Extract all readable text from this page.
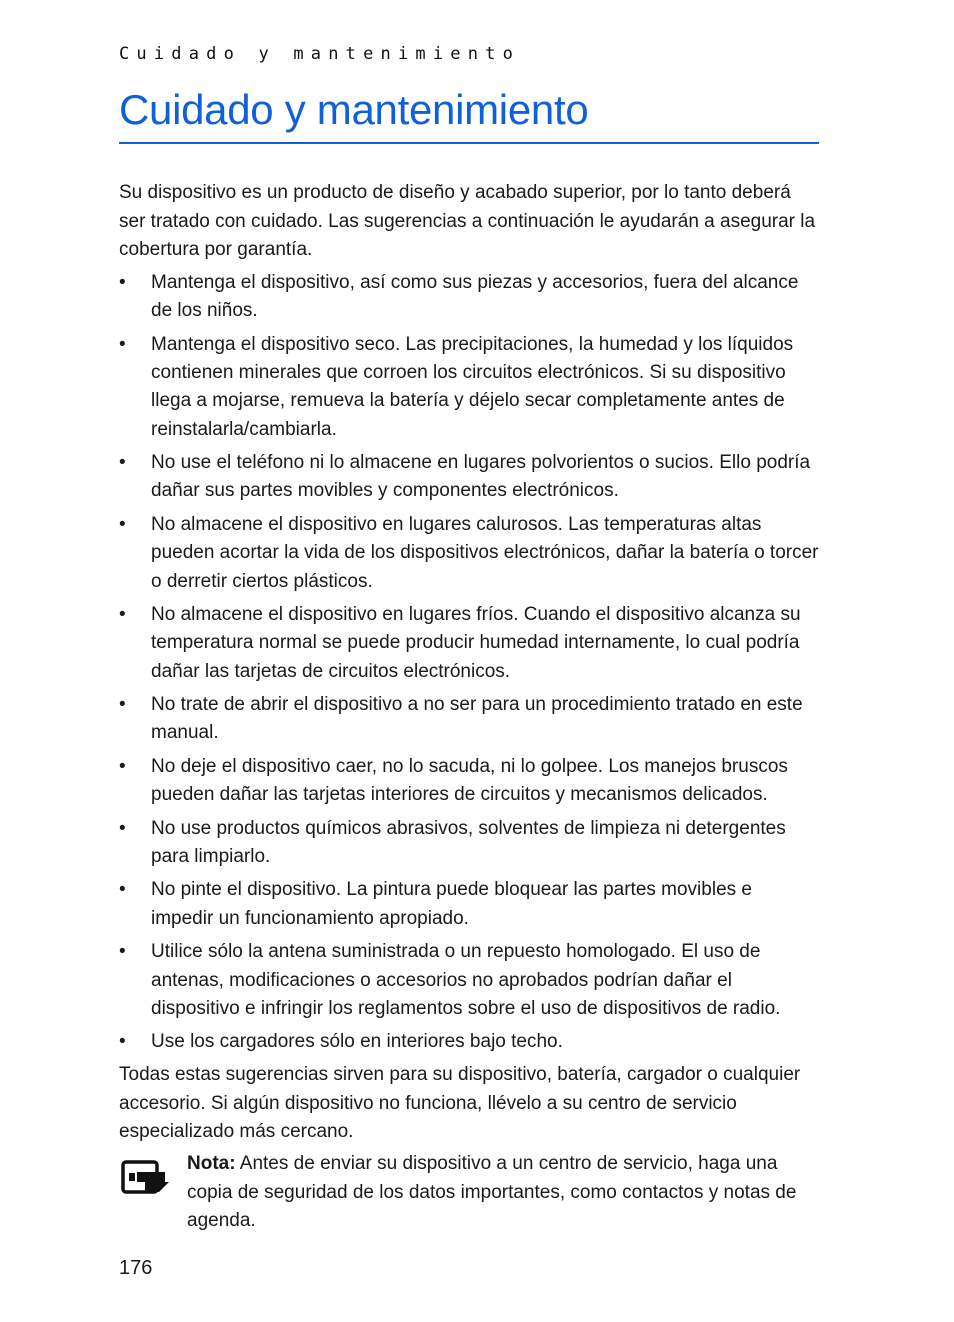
Cuidado y mantenimiento
Cuidado y mantenimiento

Su dispositivo es un producto de diseño y acabado superior, por lo tanto deberá ser tratado con cuidado. Las sugerencias a continuación le ayudarán a asegurar la cobertura por garantía.

•	Mantenga el dispositivo, así como sus piezas y accesorios, fuera del alcance de los niños.
•	Mantenga el dispositivo seco. Las precipitaciones, la humedad y los líquidos contienen minerales que corroen los circuitos electrónicos. Si su dispositivo llega a mojarse, remueva la batería y déjelo secar completamente antes de reinstalarla/cambiarla.
•	No use el teléfono ni lo almacene en lugares polvorientos o sucios. Ello podría dañar sus partes movibles y componentes electrónicos.
•	No almacene el dispositivo en lugares calurosos. Las temperaturas altas pueden acortar la vida de los dispositivos electrónicos, dañar la batería o torcer o derretir ciertos plásticos.
•	No almacene el dispositivo en lugares fríos. Cuando el dispositivo alcanza su temperatura normal se puede producir humedad internamente, lo cual podría dañar las tarjetas de circuitos electrónicos.
•	No trate de abrir el dispositivo a no ser para un procedimiento tratado en este manual.
•	No deje el dispositivo caer, no lo sacuda, ni lo golpee. Los manejos bruscos pueden dañar las tarjetas interiores de circuitos y mecanismos delicados.
•	No use productos químicos abrasivos, solventes de limpieza ni detergentes para limpiarlo.
•	No pinte el dispositivo. La pintura puede bloquear las partes movibles e impedir un funcionamiento apropiado.
•	Utilice sólo la antena suministrada o un repuesto homologado. El uso de antenas, modificaciones o accesorios no aprobados podrían dañar el dispositivo e infringir los reglamentos sobre el uso de dispositivos de radio.
•	Use los cargadores sólo en interiores bajo techo.

Todas estas sugerencias sirven para su dispositivo, batería, cargador o cualquier accesorio. Si algún dispositivo no funciona, llévelo a su centro de servicio especializado más cercano.

Nota: Antes de enviar su dispositivo a un centro de servicio, haga una copia de seguridad de los datos importantes, como contactos y notas de agenda.

176
